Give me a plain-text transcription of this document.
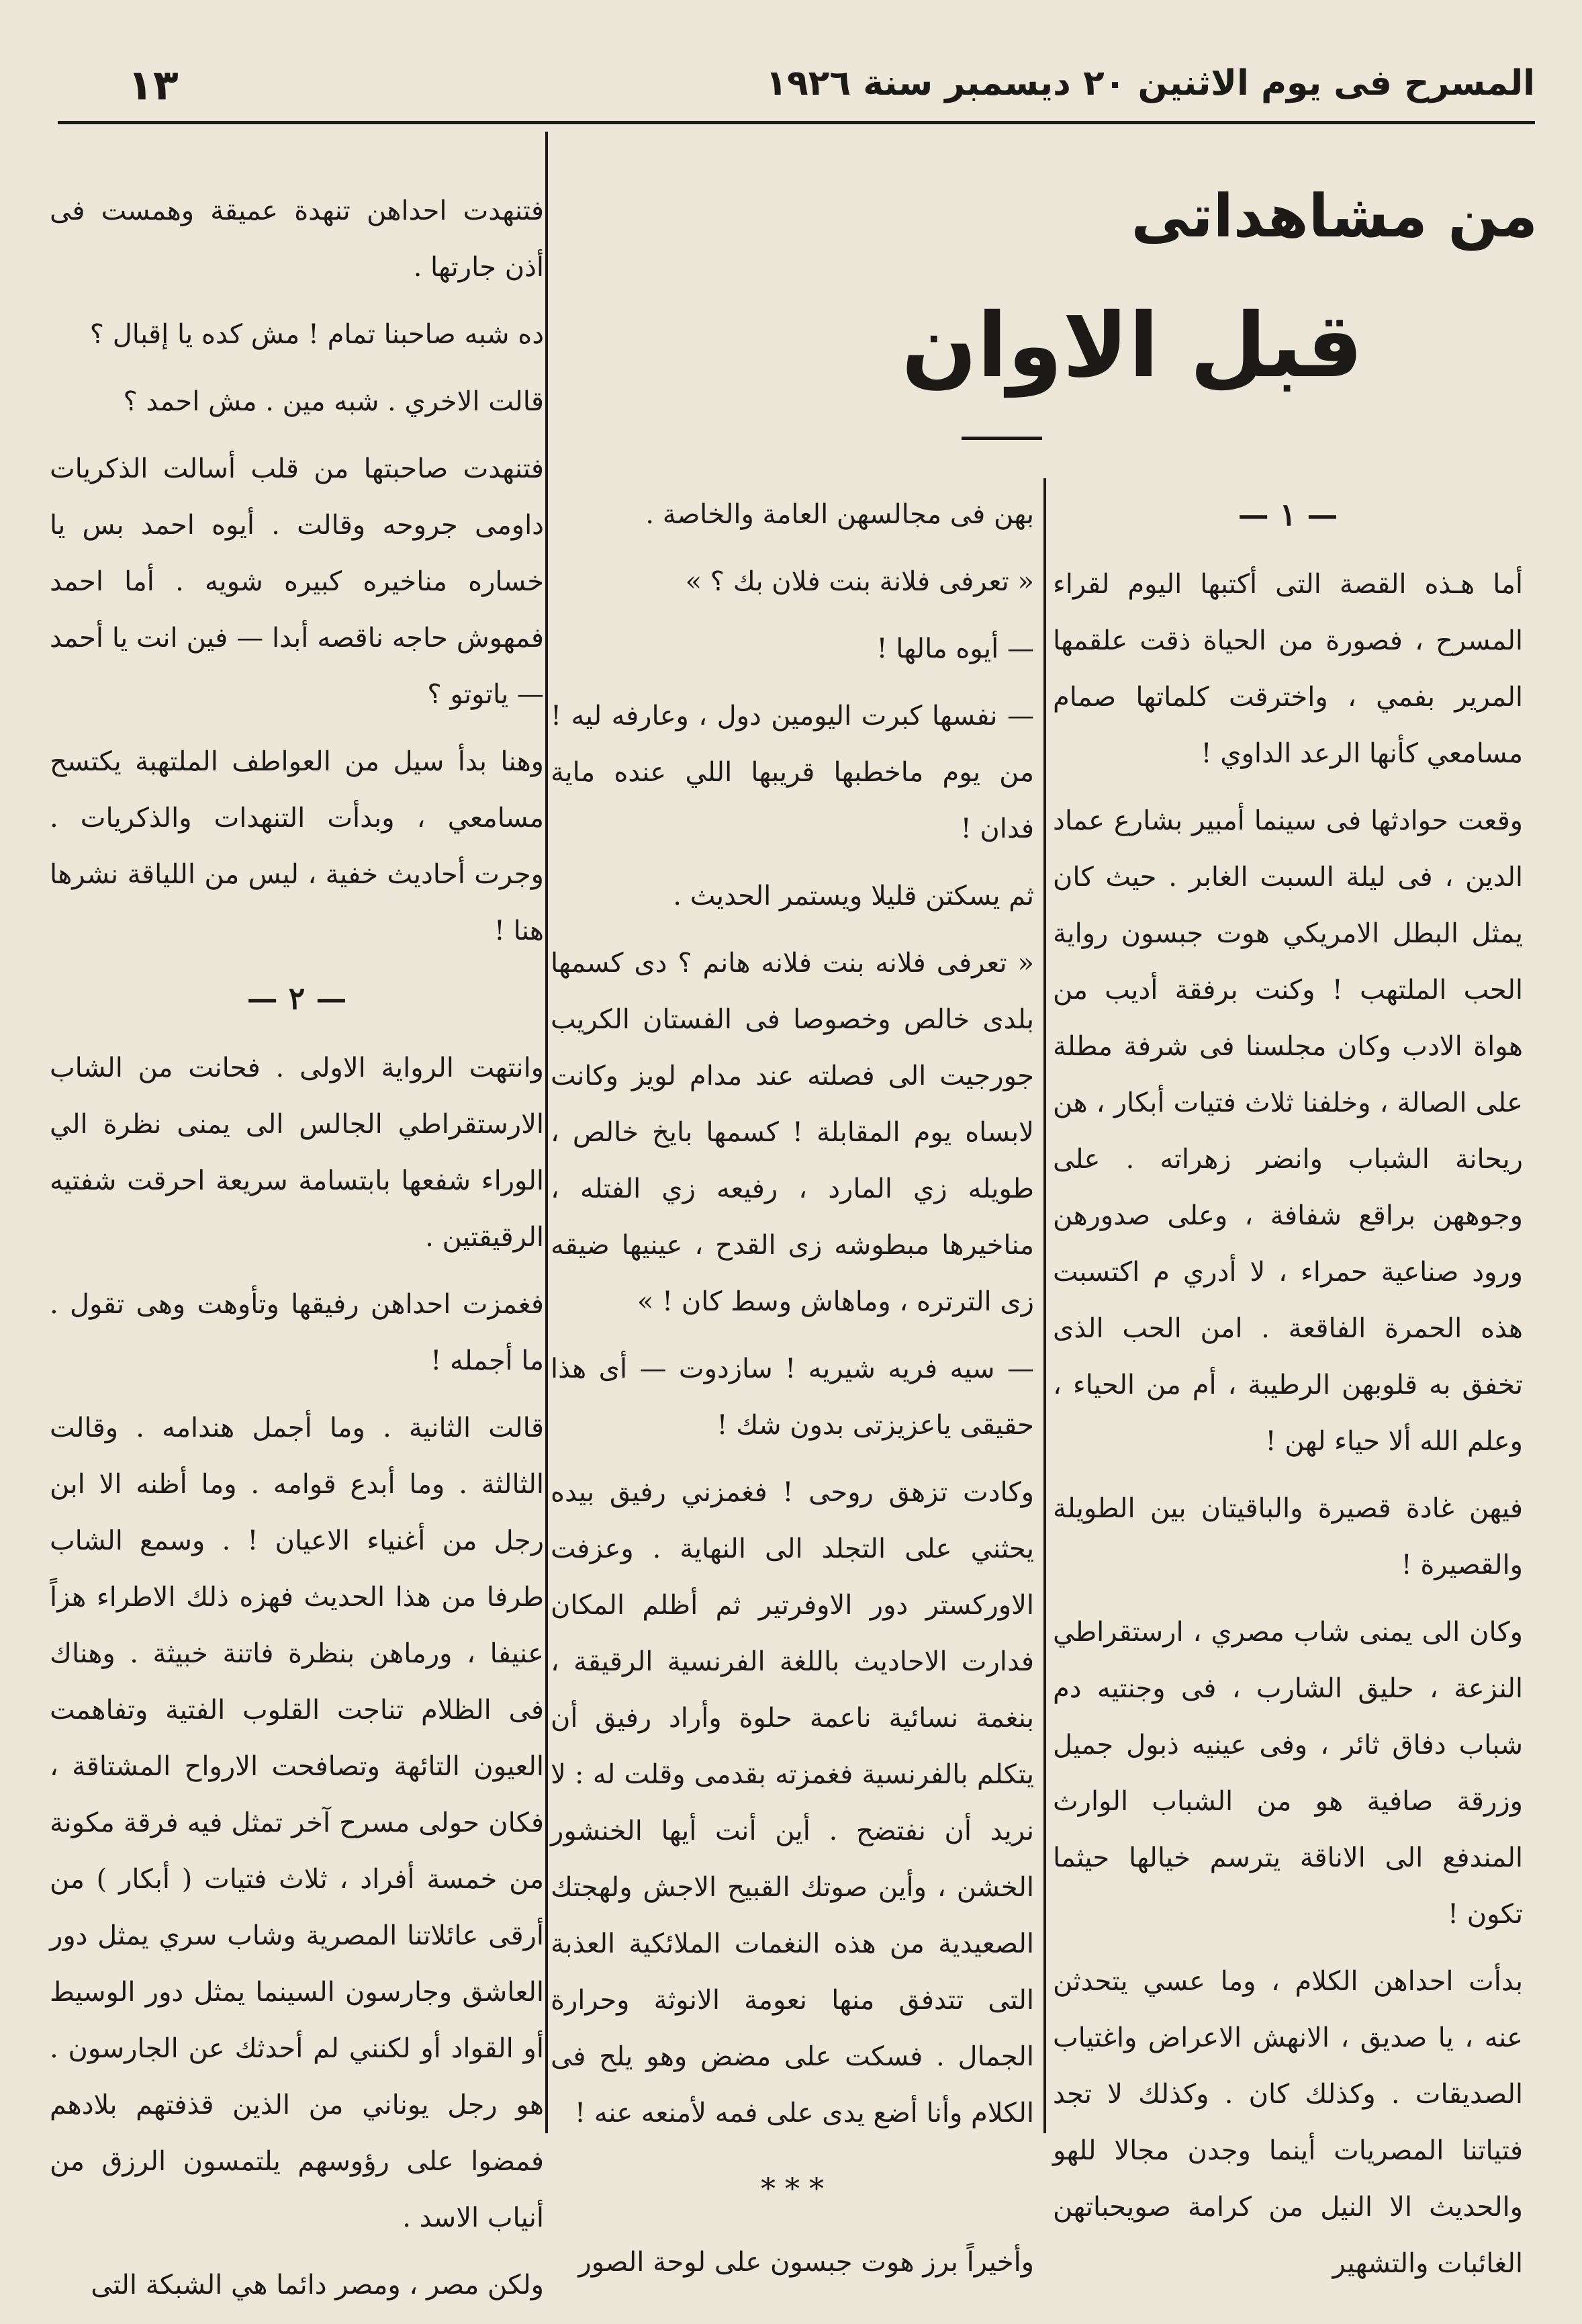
المسرح فى يوم الاثنين ٢٠ ديسمبر سنة ١٩٢٦
١٣
من مشاهداتى
قبل الاوان
— ١ —

أما هـذه القصة التى أكتبها اليوم لقراء المسرح ، فصورة من الحياة ذقت علقمها المرير بفمي ، واخترقت كلماتها صمام مسامعي كأنها الرعد الداوي !

وقعت حوادثها فى سينما أمبير بشارع عماد الدين ، فى ليلة السبت الغابر . حيث كان يمثل البطل الامريكي هوت جبسون رواية الحب الملتهب ! وكنت برفقة أديب من هواة الادب وكان مجلسنا فى شرفة مطلة على الصالة ، وخلفنا ثلاث فتيات أبكار ، هن ريحانة الشباب وانضر زهراته . على وجوههن براقع شفافة ، وعلى صدورهن ورود صناعية حمراء ، لا أدري م اكتسبت هذه الحمرة الفاقعة . امن الحب الذى تخفق به قلوبهن الرطيبة ، أم من الحياء ، وعلم الله ألا حياء لهن !

فيهن غادة قصيرة والباقيتان بين الطويلة والقصيرة !

وكان الى يمنى شاب مصري ، ارستقراطي النزعة ، حليق الشارب ، فى وجنتيه دم شباب دفاق ثائر ، وفى عينيه ذبول جميل وزرقة صافية هو من الشباب الوارث المندفع الى الاناقة يترسم خيالها حيثما تكون !

بدأت احداهن الكلام ، وما عسي يتحدثن عنه ، يا صديق ، الانهش الاعراض واغتياب الصديقات . وكذلك كان . وكذلك لا تجد فتياتنا المصريات أينما وجدن مجالا للهو والحديث الا النيل من كرامة صويحباتهن الغائبات والتشهير

بهن فى مجالسهن العامة والخاصة .

« تعرفى فلانة بنت فلان بك ؟ »

— أيوه مالها !

— نفسها كبرت اليومين دول ، وعارفه ليه ! من يوم ماخطبها قريبها اللي عنده ماية فدان !

ثم يسكتن قليلا ويستمر الحديث .

« تعرفى فلانه بنت فلانه هانم ؟ دى كسمها بلدى خالص وخصوصا فى الفستان الكريب جورجيت الى فصلته عند مدام لويز وكانت لابساه يوم المقابلة ! كسمها بايخ خالص ، طويله زي المارد ، رفيعه زي الفتله ، مناخيرها مبطوشه زى القدح ، عينيها ضيقه زى الترتره ، وماهاش وسط كان ! »

— سيه فريه شيريه ! سازدوت — أى هذا حقيقى ياعزيزتى بدون شك !

وكادت تزهق روحى ! فغمزني رفيق بيده يحثني على التجلد الى النهاية . وعزفت الاوركستر دور الاوفرتير ثم أظلم المكان فدارت الاحاديث باللغة الفرنسية الرقيقة ، بنغمة نسائية ناعمة حلوة وأراد رفيق أن يتكلم بالفرنسية فغمزته بقدمى وقلت له : لا نريد أن نفتضح . أين أنت أيها الخنشور الخشن ، وأين صوتك القبيح الاجش ولهجتك الصعيدية من هذه النغمات الملائكية العذبة التى تتدفق منها نعومة الانوثة وحرارة الجمال . فسكت على مضض وهو يلح فى الكلام وأنا أضع يدى على فمه لأمنعه عنه !

* * *

وأخيراً برز هوت جبسون على لوحة الصور

فتنهدت احداهن تنهدة عميقة وهمست فى أذن جارتها .

ده شبه صاحبنا تمام ! مش كده يا إقبال ؟

قالت الاخري . شبه مين . مش احمد ؟

فتنهدت صاحبتها من قلب أسالت الذكريات داومى جروحه وقالت . أيوه احمد بس يا خساره مناخيره كبيره شويه . أما احمد فمهوش حاجه ناقصه أبدا — فين انت يا أحمد — ياتوتو ؟

وهنا بدأ سيل من العواطف الملتهبة يكتسح مسامعي ، وبدأت التنهدات والذكريات . وجرت أحاديث خفية ، ليس من اللياقة نشرها هنا !

— ٢ —

وانتهت الرواية الاولى . فحانت من الشاب الارستقراطي الجالس الى يمنى نظرة الي الوراء شفعها بابتسامة سريعة احرقت شفتيه الرقيقتين .

فغمزت احداهن رفيقها وتأوهت وهى تقول . ما أجمله !

قالت الثانية . وما أجمل هندامه . وقالت الثالثة . وما أبدع قوامه . وما أظنه الا ابن رجل من أغنياء الاعيان ! . وسمع الشاب طرفا من هذا الحديث فهزه ذلك الاطراء هزاً عنيفا ، ورماهن بنظرة فاتنة خبيثة . وهناك فى الظلام تناجت القلوب الفتية وتفاهمت العيون التائهة وتصافحت الارواح المشتاقة ، فكان حولى مسرح آخر تمثل فيه فرقة مكونة من خمسة أفراد ، ثلاث فتيات ( أبكار ) من أرقى عائلاتنا المصرية وشاب سري يمثل دور العاشق وجارسون السينما يمثل دور الوسيط أو القواد أو لكنني لم أحدثك عن الجارسون . هو رجل يوناني من الذين قذفتهم بلادهم فمضوا على رؤوسهم يلتمسون الرزق من أنياب الاسد .

ولكن مصر ، ومصر دائما هي الشبكة التى
